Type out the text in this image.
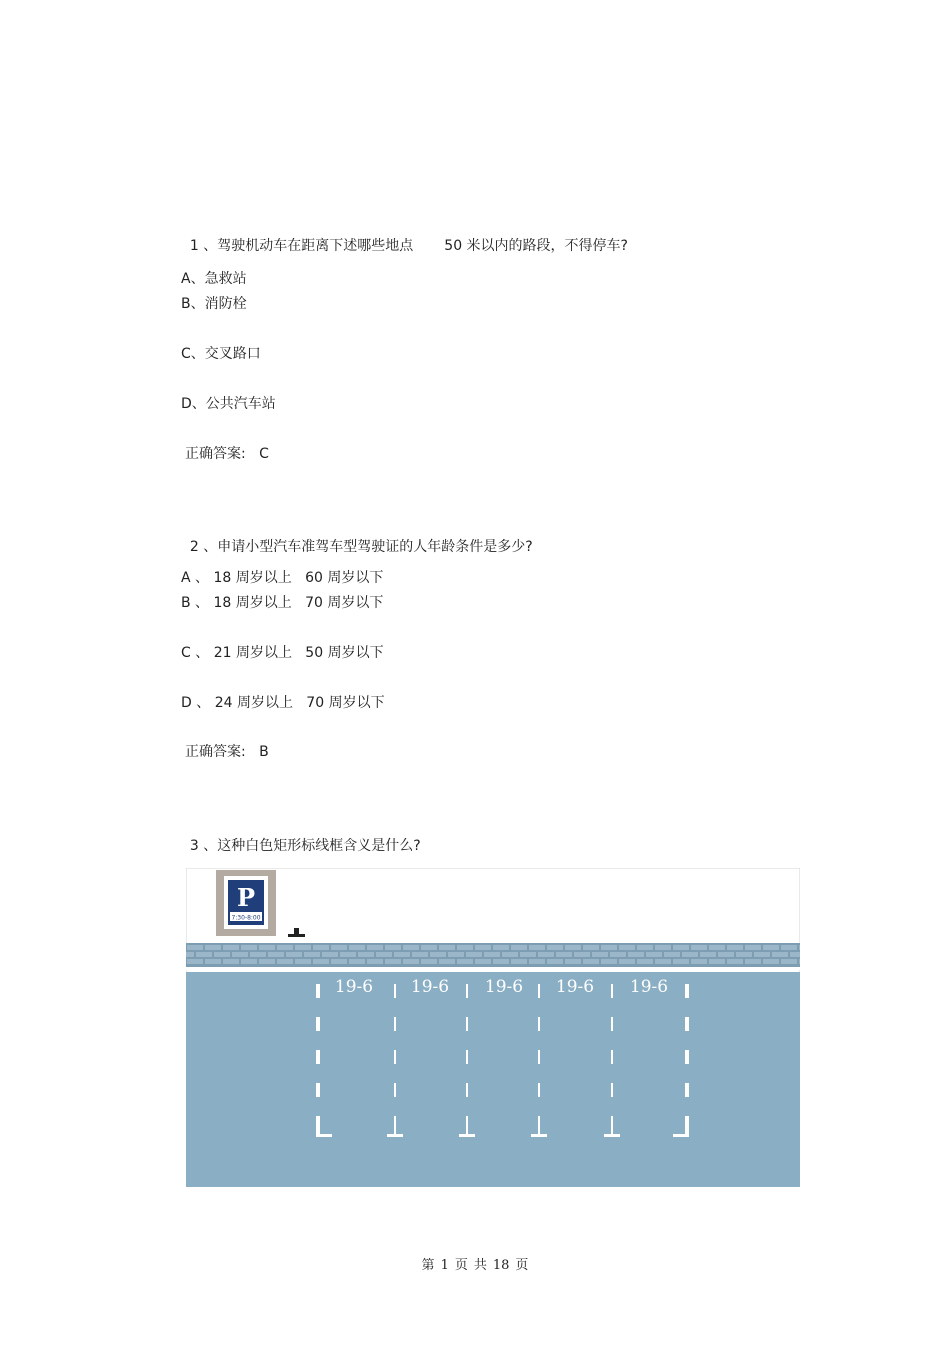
1 、驾驶机动车在距离下述哪些地点 50 米以内的路段，不得停车?

A、急救站
B、消防栓
C、交叉路口
D、公共汽车站
正确答案: C

2 、申请小型汽车准驾车型驾驶证的人年龄条件是多少?

A 、 18 周岁以上   60 周岁以下
B 、 18 周岁以上   70 周岁以下
C 、 21 周岁以上   50 周岁以下
D 、 24 周岁以上   70 周岁以下
正确答案: B

3 、这种白色矩形标线框含义是什么?

P
7:30-8:00
19-6 19-6 19-6 19-6 19-6
第 1 页 共 18 页
